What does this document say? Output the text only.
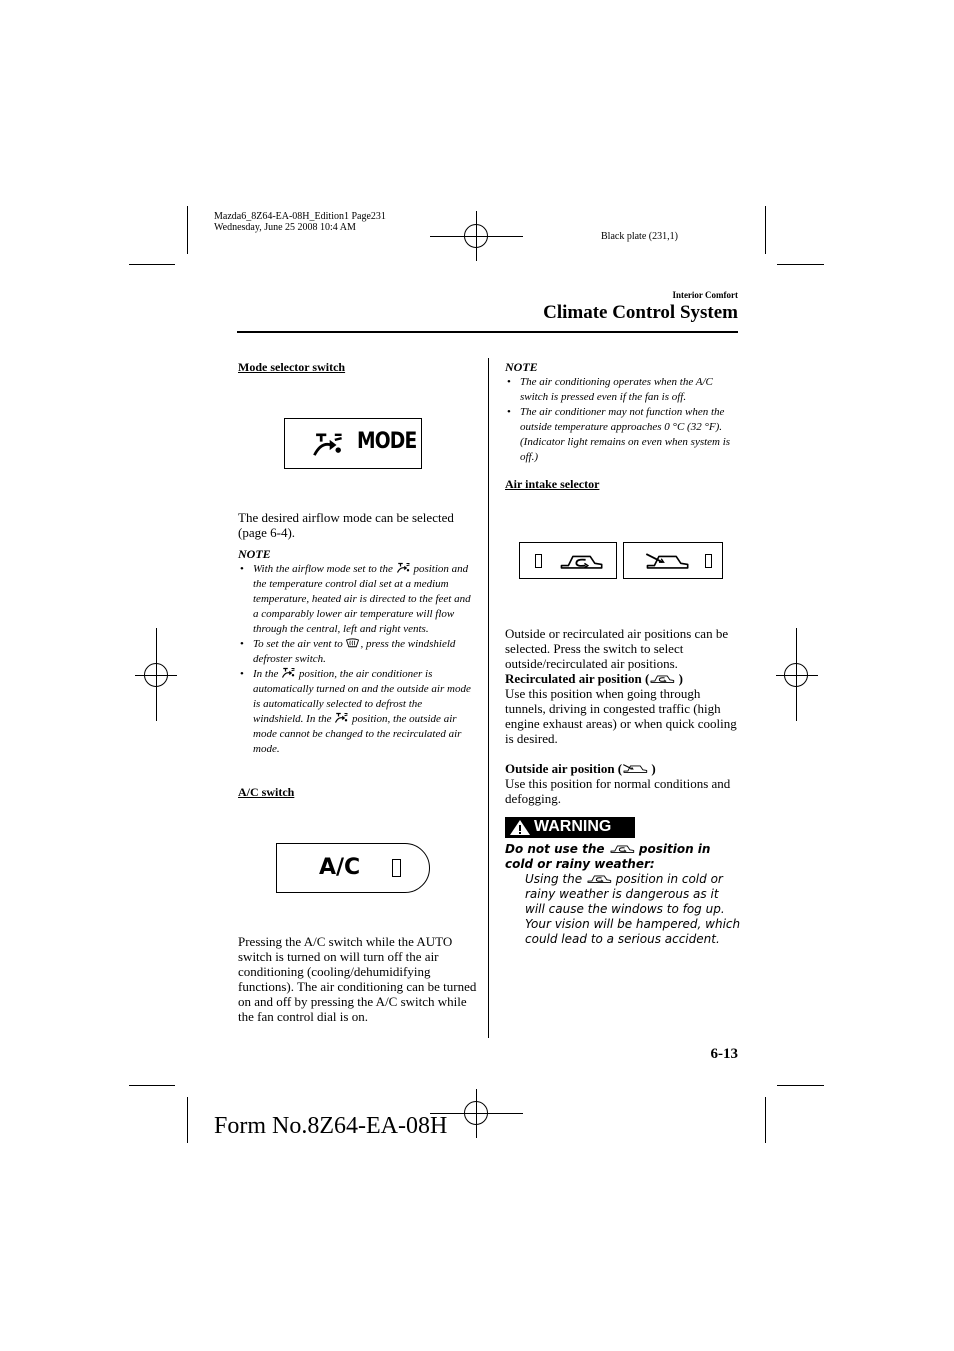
Mazda6_8Z64-EA-08H_Edition1 Page231
Wednesday, June 25 2008 10:4 AM
Black plate (231,1)
Interior Comfort
Climate Control System
Mode selector switch
MODE
The desired airflow mode can be selected (page 6-4).
NOTE
• With the airflow mode set to the position and the temperature control dial set at a medium temperature, heated air is directed to the feet and a comparably lower air temperature will flow through the central, left and right vents.
• To set the air vent to , press the windshield defroster switch.
• In the position, the air conditioner is automatically turned on and the outside air mode is automatically selected to defrost the windshield. In the position, the outside air mode cannot be changed to the recirculated air mode.
A/C switch
A/C
Pressing the A/C switch while the AUTO switch is turned on will turn off the air conditioning (cooling/dehumidifying functions). The air conditioning can be turned on and off by pressing the A/C switch while the fan control dial is on.
NOTE
• The air conditioning operates when the A/C switch is pressed even if the fan is off.
• The air conditioner may not function when the outside temperature approaches 0 °C (32 °F). (Indicator light remains on even when system is off.)
Air intake selector
Outside or recirculated air positions can be selected. Press the switch to select outside/recirculated air positions.
Recirculated air position ( )
Use this position when going through tunnels, driving in congested traffic (high engine exhaust areas) or when quick cooling is desired.
Outside air position ( )
Use this position for normal conditions and defogging.
WARNING
Do not use the	position in cold or rainy weather:
Using the	position in cold or rainy weather is dangerous as it will cause the windows to fog up. Your vision will be hampered, which could lead to a serious accident.
6-13
Form No.8Z64-EA-08H
